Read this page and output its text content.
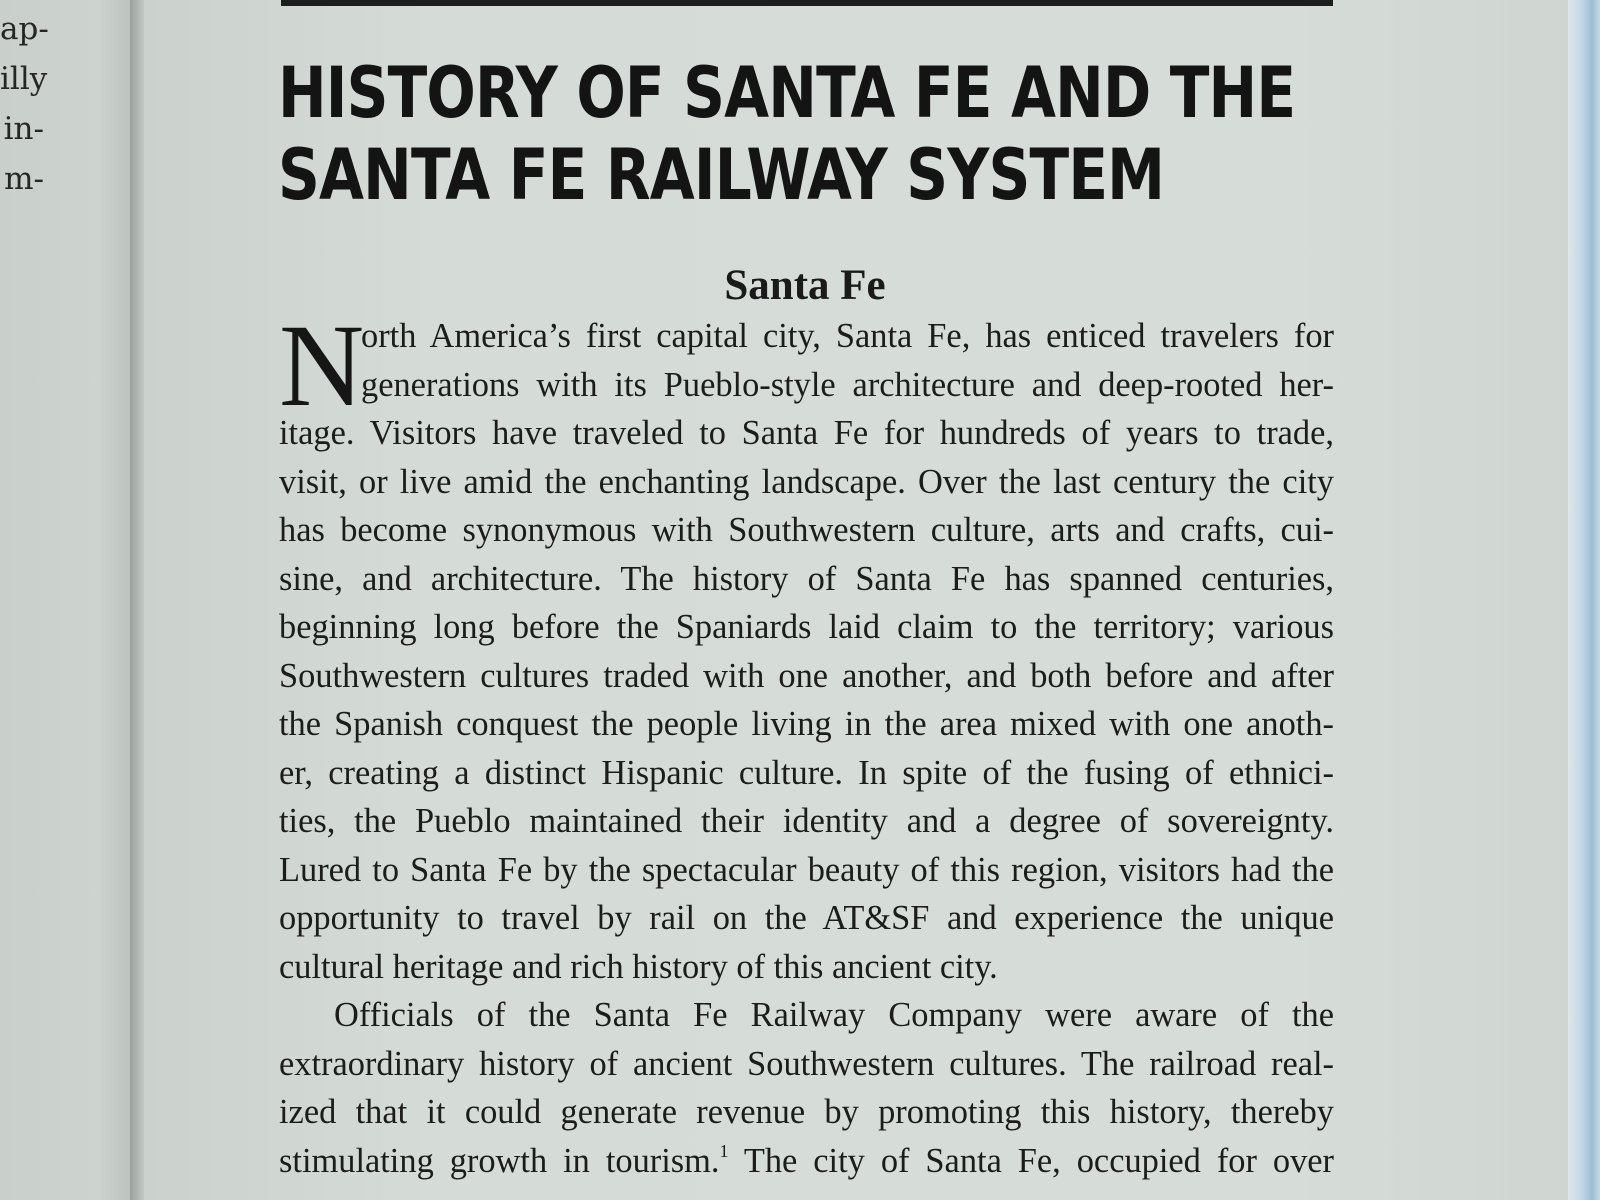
ap-
illy
in-
m-
HISTORY OF SANTA FE AND THE
SANTA FE RAILWAY SYSTEM
Santa Fe
N
orth America’s first capital city, Santa Fe, has enticed travelers for
generations with its Pueblo-style architecture and deep-rooted her-
itage. Visitors have traveled to Santa Fe for hundreds of years to trade,
visit, or live amid the enchanting landscape. Over the last century the city
has become synonymous with Southwestern culture, arts and crafts, cui-
sine, and architecture. The history of Santa Fe has spanned centuries,
beginning long before the Spaniards laid claim to the territory; various
Southwestern cultures traded with one another, and both before and after
the Spanish conquest the people living in the area mixed with one anoth-
er, creating a distinct Hispanic culture. In spite of the fusing of ethnici-
ties, the Pueblo maintained their identity and a degree of sovereignty.
Lured to Santa Fe by the spectacular beauty of this region, visitors had the
opportunity to travel by rail on the AT&SF and experience the unique
cultural heritage and rich history of this ancient city.
Officials of the Santa Fe Railway Company were aware of the
extraordinary history of ancient Southwestern cultures. The railroad real-
ized that it could generate revenue by promoting this history, thereby
stimulating growth in tourism.$^1$ The city of Santa Fe, occupied for over
